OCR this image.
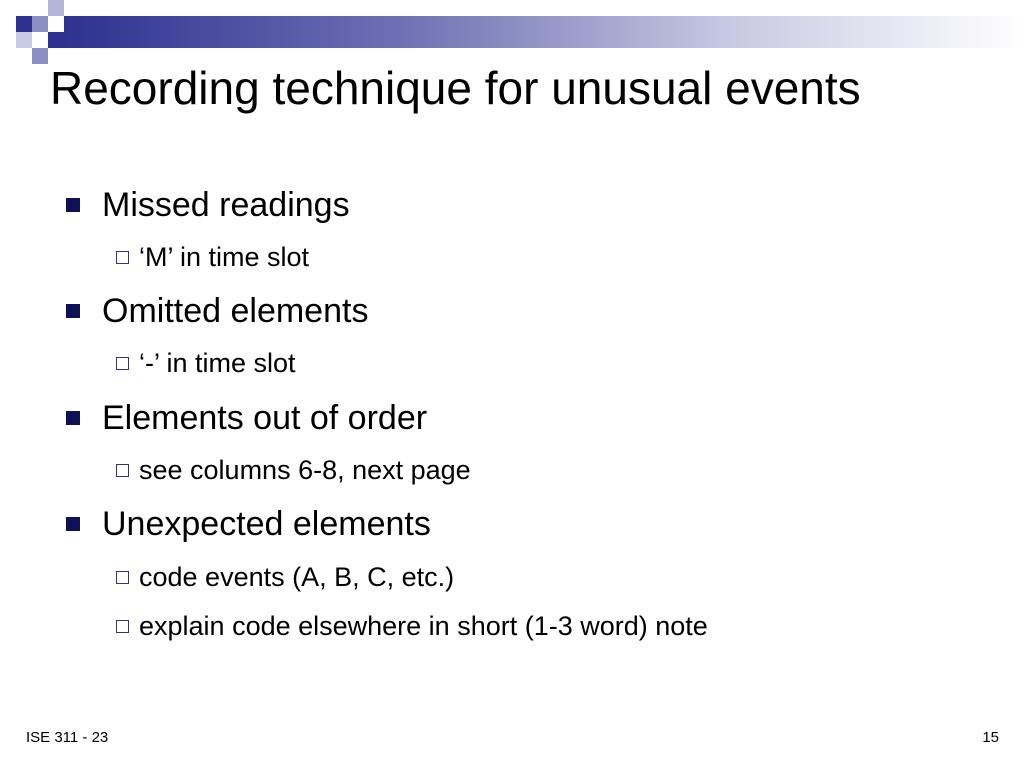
Recording technique for unusual events
Missed readings
‘M’ in time slot
Omitted elements
‘-’ in time slot
Elements out of order
see columns 6-8, next page
Unexpected elements
code events (A, B, C, etc.)
explain code elsewhere in short (1-3 word) note
ISE 311 - 23	15
